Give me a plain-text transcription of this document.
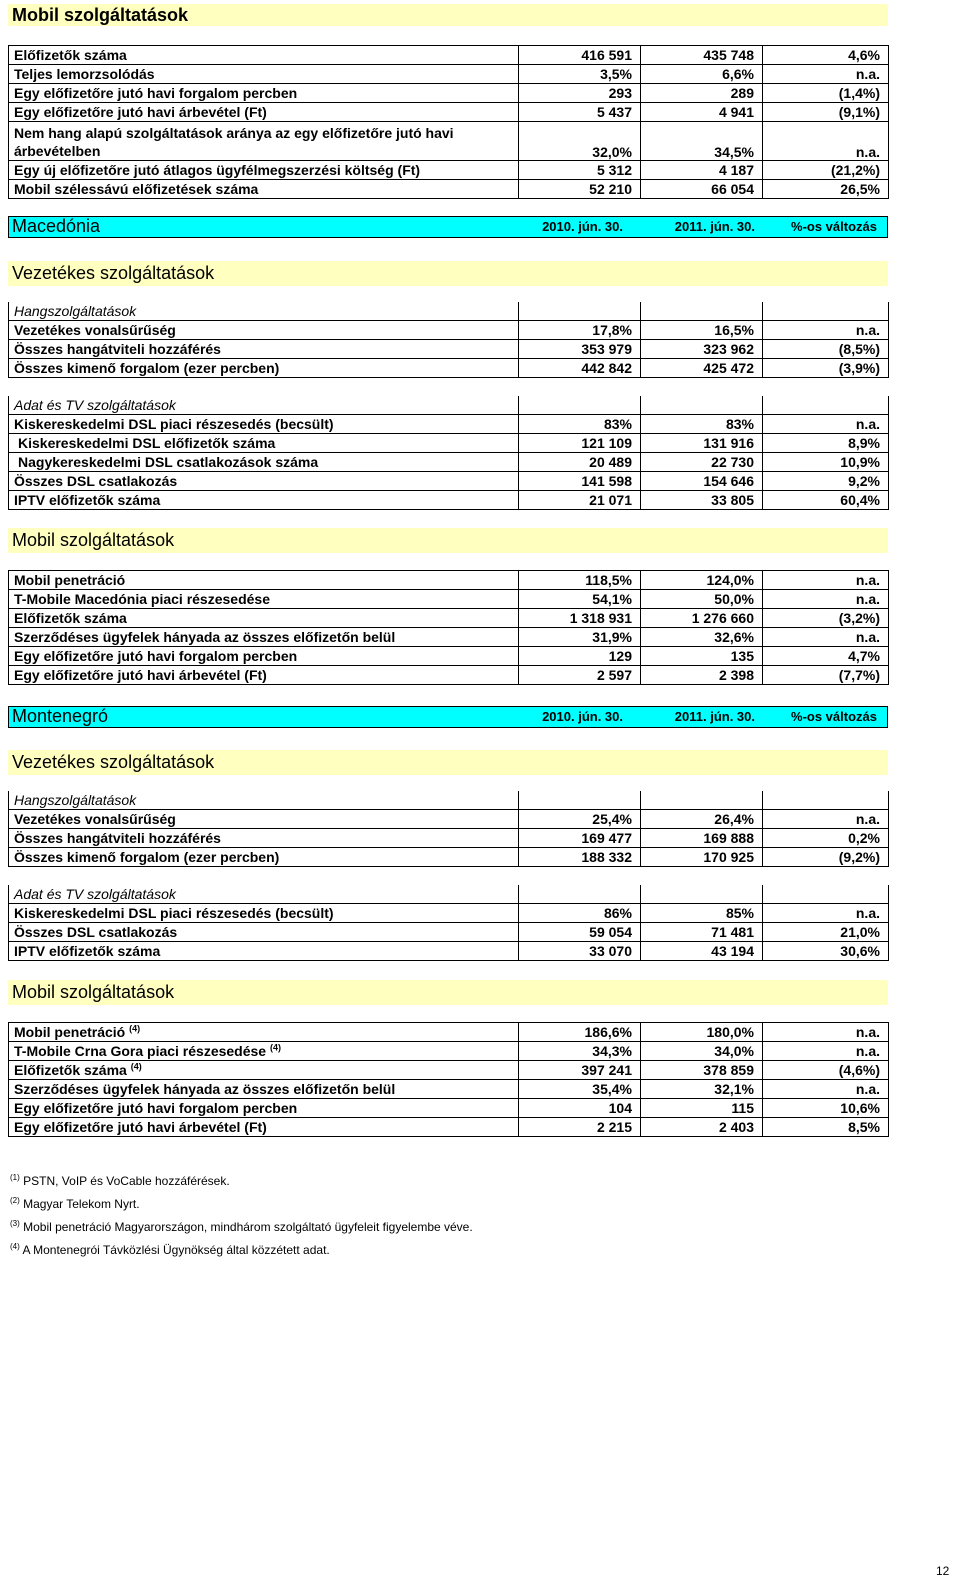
Mobil szolgáltatások
Előfizetők száma	416 591	435 748	4,6%
Teljes lemorzsolódás	3,5%	6,6%	n.a.
Egy előfizetőre jutó havi forgalom percben	293	289	(1,4%)
Egy előfizetőre jutó havi árbevétel (Ft)	5 437	4 941	(9,1%)
Nem hang alapú szolgáltatások aránya az egy előfizetőre jutó havi árbevételben	32,0%	34,5%	n.a.
Egy új előfizetőre jutó átlagos ügyfélmegszerzési költség (Ft)	5 312	4 187	(21,2%)
Mobil szélessávú előfizetések száma	52 210	66 054	26,5%
Macedónia	2010. jún. 30.	2011. jún. 30.	%-os változás
Vezetékes szolgáltatások
Hangszolgáltatások			
Vezetékes vonalsűrűség	17,8%	16,5%	n.a.
Összes hangátviteli hozzáférés	353 979	323 962	(8,5%)
Összes kimenő forgalom (ezer percben)	442 842	425 472	(3,9%)
Adat és TV szolgáltatások			
Kiskereskedelmi DSL piaci részesedés (becsült)	83%	83%	n.a.
Kiskereskedelmi DSL előfizetők száma	121 109	131 916	8,9%
Nagykereskedelmi DSL csatlakozások száma	20 489	22 730	10,9%
Összes DSL csatlakozás	141 598	154 646	9,2%
IPTV előfizetők száma	21 071	33 805	60,4%
Mobil szolgáltatások
Mobil penetráció	118,5%	124,0%	n.a.
T-Mobile Macedónia piaci részesedése	54,1%	50,0%	n.a.
Előfizetők száma	1 318 931	1 276 660	(3,2%)
Szerződéses ügyfelek hányada az összes előfizetőn belül	31,9%	32,6%	n.a.
Egy előfizetőre jutó havi forgalom percben	129	135	4,7%
Egy előfizetőre jutó havi árbevétel (Ft)	2 597	2 398	(7,7%)
Montenegró	2010. jún. 30.	2011. jún. 30.	%-os változás
Vezetékes szolgáltatások
Hangszolgáltatások			
Vezetékes vonalsűrűség	25,4%	26,4%	n.a.
Összes hangátviteli hozzáférés	169 477	169 888	0,2%
Összes kimenő forgalom (ezer percben)	188 332	170 925	(9,2%)
Adat és TV szolgáltatások			
Kiskereskedelmi DSL piaci részesedés (becsült)	86%	85%	n.a.
Összes DSL csatlakozás	59 054	71 481	21,0%
IPTV előfizetők száma	33 070	43 194	30,6%
Mobil szolgáltatások
Mobil penetráció $^{(4)}$	186,6%	180,0%	n.a.
T-Mobile Crna Gora piaci részesedése $^{(4)}$	34,3%	34,0%	n.a.
Előfizetők száma $^{(4)}$	397 241	378 859	(4,6%)
Szerződéses ügyfelek hányada az összes előfizetőn belül	35,4%	32,1%	n.a.
Egy előfizetőre jutó havi forgalom percben	104	115	10,6%
Egy előfizetőre jutó havi árbevétel (Ft)	2 215	2 403	8,5%
$^{(1)}$ PSTN, VoIP és VoCable hozzáférések.
$^{(2)}$ Magyar Telekom Nyrt.
$^{(3)}$ Mobil penetráció Magyarországon, mindhárom szolgáltató ügyfeleit figyelembe véve.
$^{(4)}$ A Montenegrói Távközlési Ügynökség által közzétett adat.
12
